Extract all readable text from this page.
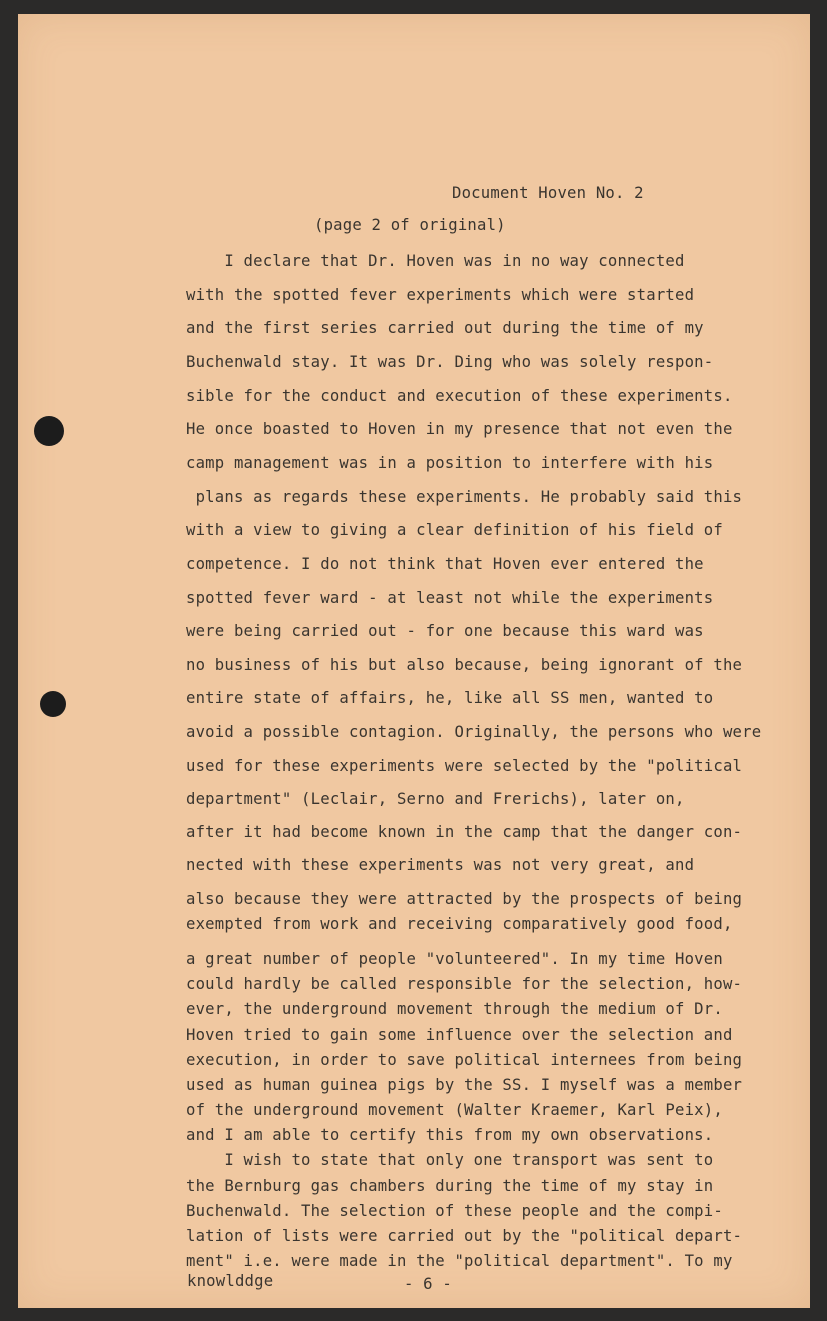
Document Hoven No. 2
(page 2 of original)
I declare that Dr. Hoven was in no way connected
with the spotted fever experiments which were started
and the first series carried out during the time of my
Buchenwald stay. It was Dr. Ding who was solely respon-
sible for the conduct and execution of these experiments.
He once boasted to Hoven in my presence that not even the
camp management was in a position to interfere with his
plans as regards these experiments. He probably said this
with a view to giving a clear definition of his field of
competence. I do not think that Hoven ever entered the
spotted fever ward - at least not while the experiments
were being carried out - for one because this ward was
no business of his but also because, being ignorant of the
entire state of affairs, he, like all SS men, wanted to
avoid a possible contagion. Originally, the persons who were
used for these experiments were selected by the "political
department" (Leclair, Serno and Frerichs), later on,
after it had become known in the camp that the danger con-
nected with these experiments was not very great, and
also because they were attracted by the prospects of being
exempted from work and receiving comparatively good food,
a great number of people "volunteered". In my time Hoven
could hardly be called responsible for the selection, how-
ever, the underground movement through the medium of Dr.
Hoven tried to gain some influence over the selection and
execution, in order to save political internees from being
used as human guinea pigs by the SS. I myself was a member
of the underground movement (Walter Kraemer, Karl Peix),
and I am able to certify this from my own observations.
I wish to state that only one transport was sent to
the Bernburg gas chambers during the time of my stay in
Buchenwald. The selection of these people and the compi-
lation of lists were carried out by the "political depart-
ment" i.e. were made in the "political department". To my
knowlddge	- 6 -
